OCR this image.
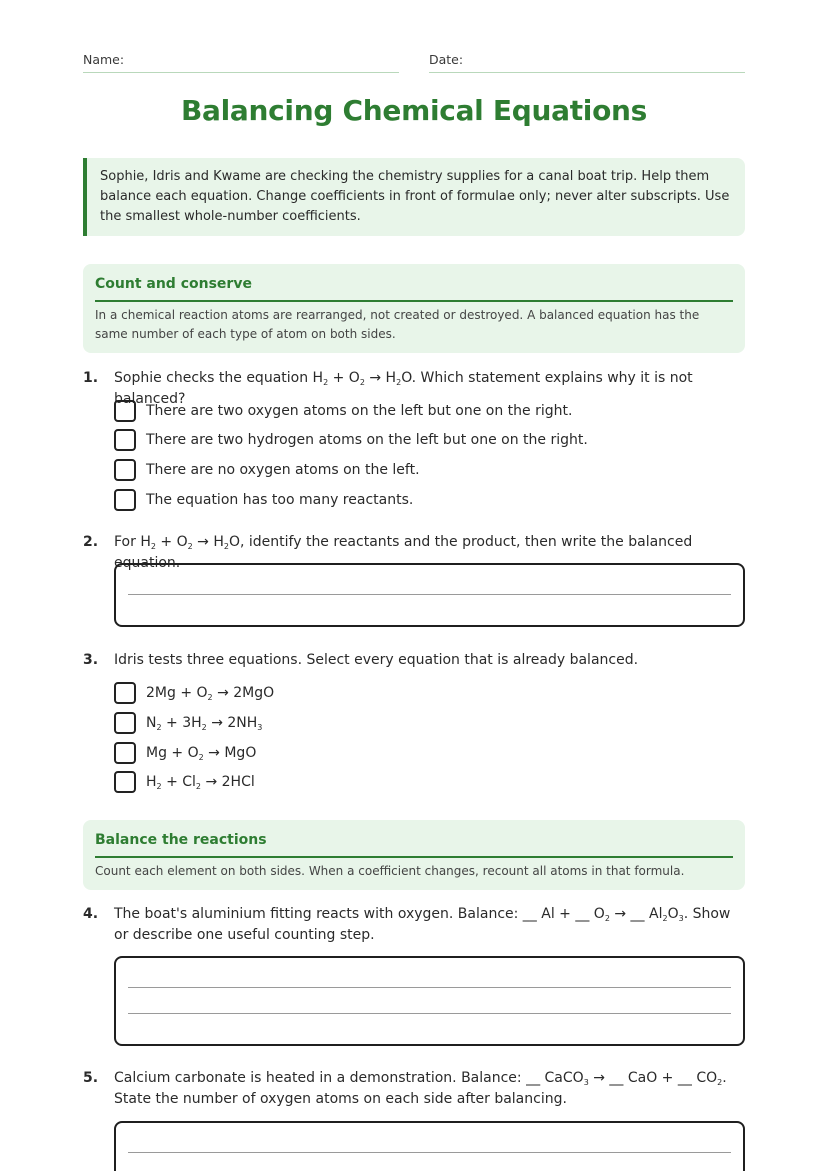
Name:	Date:
Balancing Chemical Equations
Sophie, Idris and Kwame are checking the chemistry supplies for a canal boat trip. Help them balance each equation. Change coefficients in front of formulae only; never alter subscripts. Use the smallest whole-number coefficients.
Count and conserve
In a chemical reaction atoms are rearranged, not created or destroyed. A balanced equation has the same number of each type of atom on both sides.
1. Sophie checks the equation $H_2 + O_2 \to H_2O$. Which statement explains why it is not balanced?
There are two oxygen atoms on the left but one on the right.
There are two hydrogen atoms on the left but one on the right.
There are no oxygen atoms on the left.
The equation has too many reactants.
2. For $H_2 + O_2 \to H_2O$, identify the reactants and the product, then write the balanced equation.
3. Idris tests three equations. Select every equation that is already balanced.
$2Mg + O_2 \to 2MgO$
$N_2 + 3H_2 \to 2NH_3$
$Mg + O_2$ → MgO
$H_2 + Cl_2 \to 2HCl$
Balance the reactions
Count each element on both sides. When a coefficient changes, recount all atoms in that formula.
4. The boat's aluminium fitting reacts with oxygen. Balance: __ Al + __ $O_2$ → __ $Al_2O_3$. Show or describe one useful counting step.
5. Calcium carbonate is heated in a demonstration. Balance: __ CaCO$_3$ → __ CaO + __ $CO_2$. State the number of oxygen atoms on each side after balancing.
